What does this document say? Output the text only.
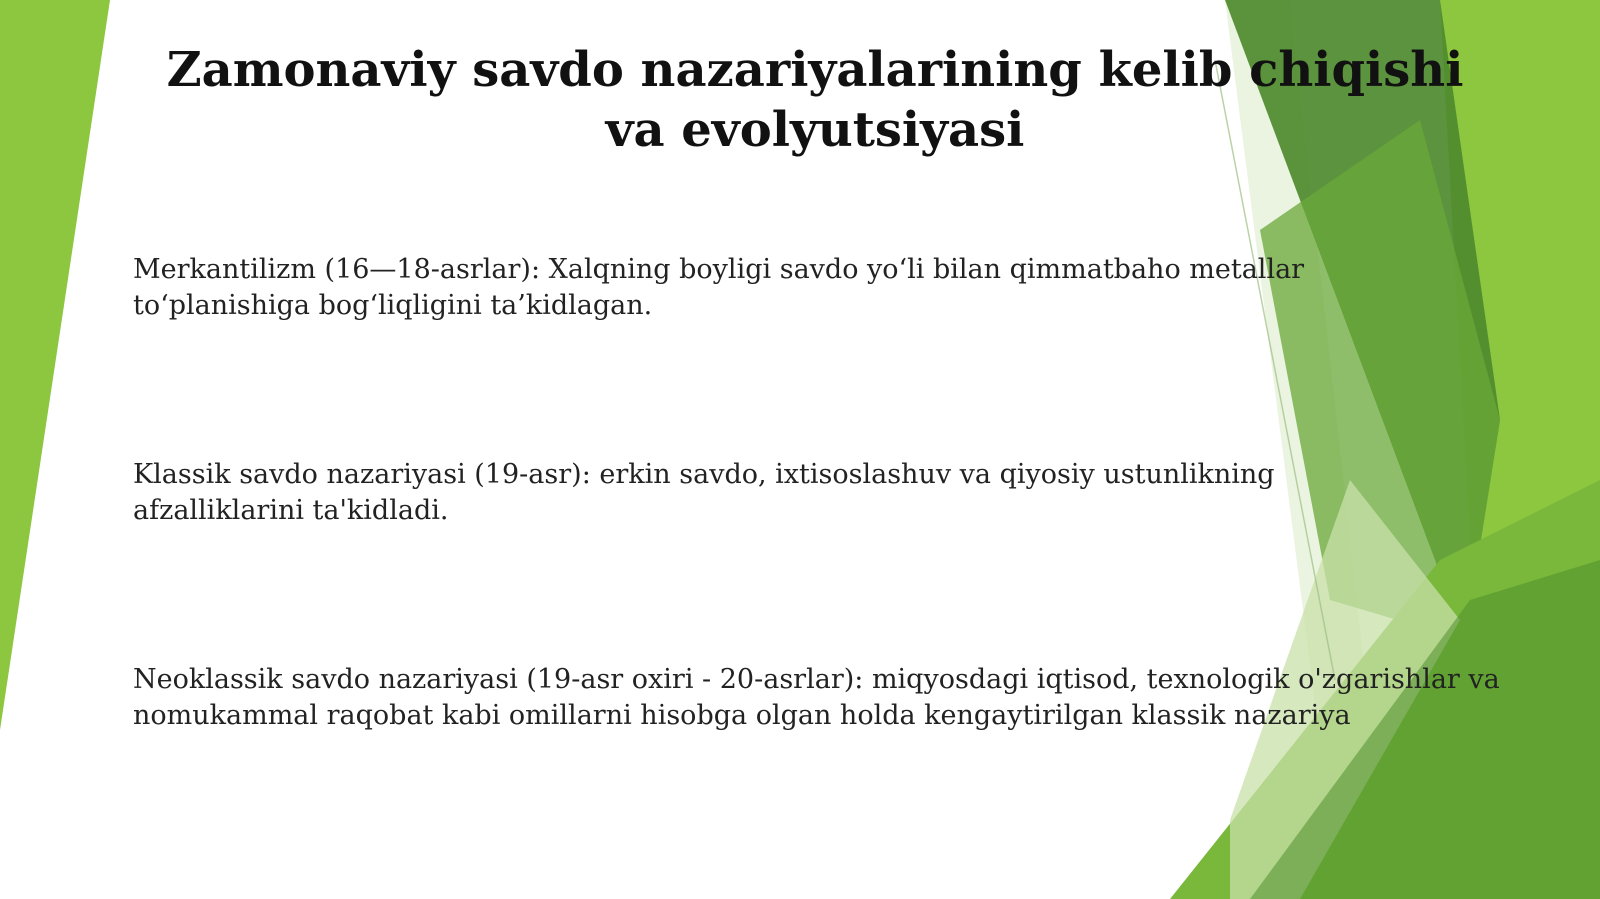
Zamonaviy savdo nazariyalarining kelib chiqishi va evolyutsiyasi

Merkantilizm (16—18-asrlar): Xalqning boyligi savdo yo‘li bilan qimmatbaho metallar to‘planishiga bog‘liqligini ta’kidlagan.

Klassik savdo nazariyasi (19-asr): erkin savdo, ixtisoslashuv va qiyosiy ustunlikning afzalliklarini ta'kidladi.

Neoklassik savdo nazariyasi (19-asr oxiri - 20-asrlar): miqyosdagi iqtisod, texnologik o'zgarishlar va nomukammal raqobat kabi omillarni hisobga olgan holda kengaytirilgan klassik nazariya
